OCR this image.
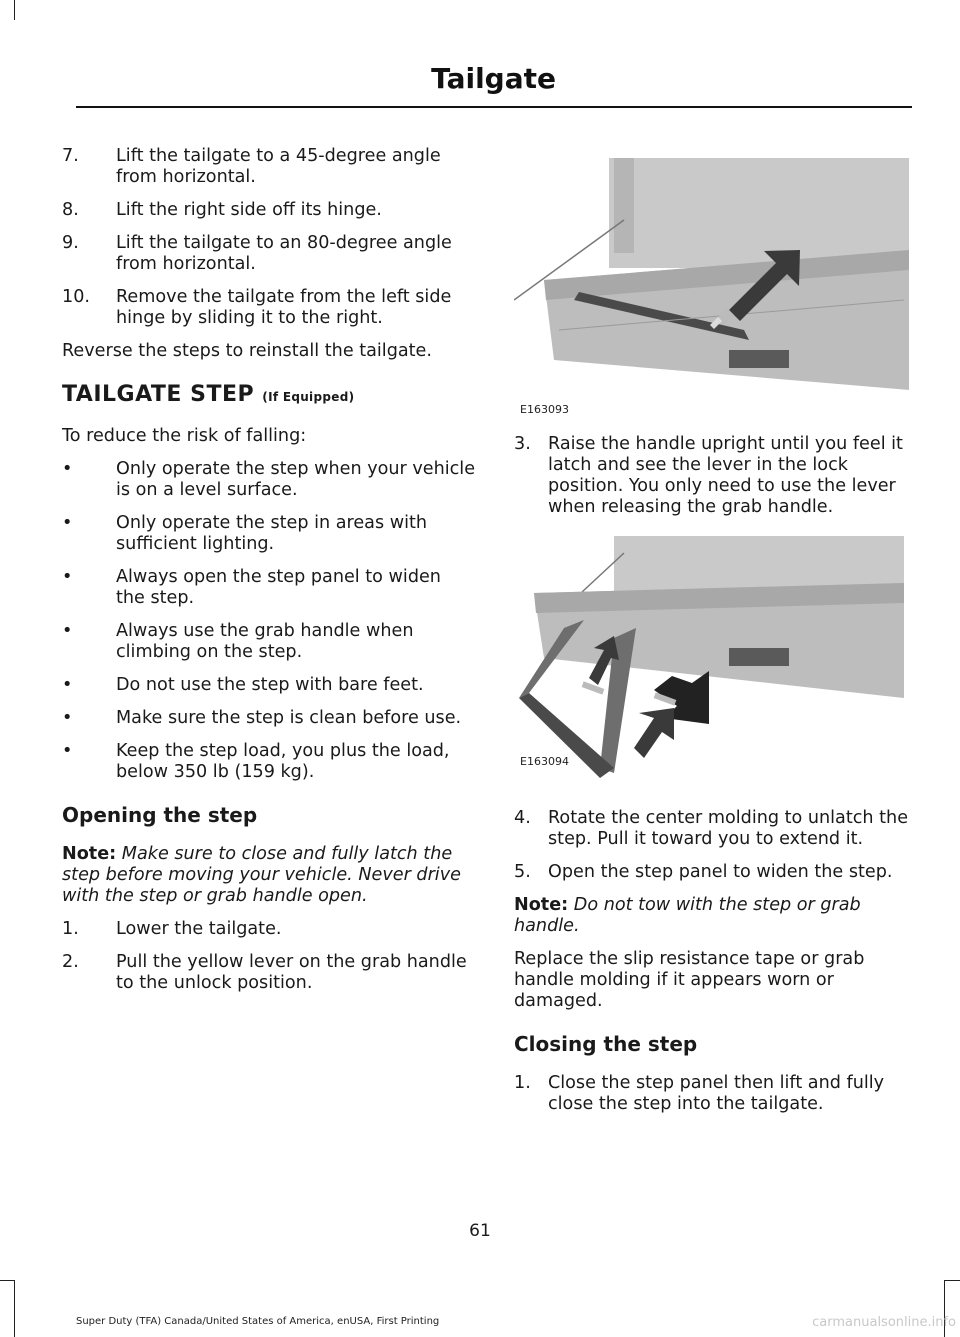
Tailgate
7. Lift the tailgate to a 45-degree angle from horizontal.
8. Lift the right side off its hinge.
9. Lift the tailgate to an 80-degree angle from horizontal.
10. Remove the tailgate from the left side hinge by sliding it to the right.

Reverse the steps to reinstall the tailgate.

TAILGATE STEP (If Equipped)

To reduce the risk of falling:

• Only operate the step when your vehicle is on a level surface.
• Only operate the step in areas with sufficient lighting.
• Always open the step panel to widen the step.
• Always use the grab handle when climbing on the step.
• Do not use the step with bare feet.
• Make sure the step is clean before use.
• Keep the step load, you plus the load, below 350 lb (159 kg).
Opening the step

Note: Make sure to close and fully latch the step before moving your vehicle. Never drive with the step or grab handle open.

1. Lower the tailgate.
2. Pull the yellow lever on the grab handle to the unlock position.
E163093
3. Raise the handle upright until you feel it latch and see the lever in the lock position. You only need to use the lever when releasing the grab handle.
E163094
4. Rotate the center molding to unlatch the step. Pull it toward you to extend it.
5. Open the step panel to widen the step.

Note: Do not tow with the step or grab handle.

Replace the slip resistance tape or grab handle molding if it appears worn or damaged.

Closing the step
1. Close the step panel then lift and fully close the step into the tailgate.
61
Super Duty (TFA) Canada/United States of America, enUSA, First Printing	carmanualsonline.info
